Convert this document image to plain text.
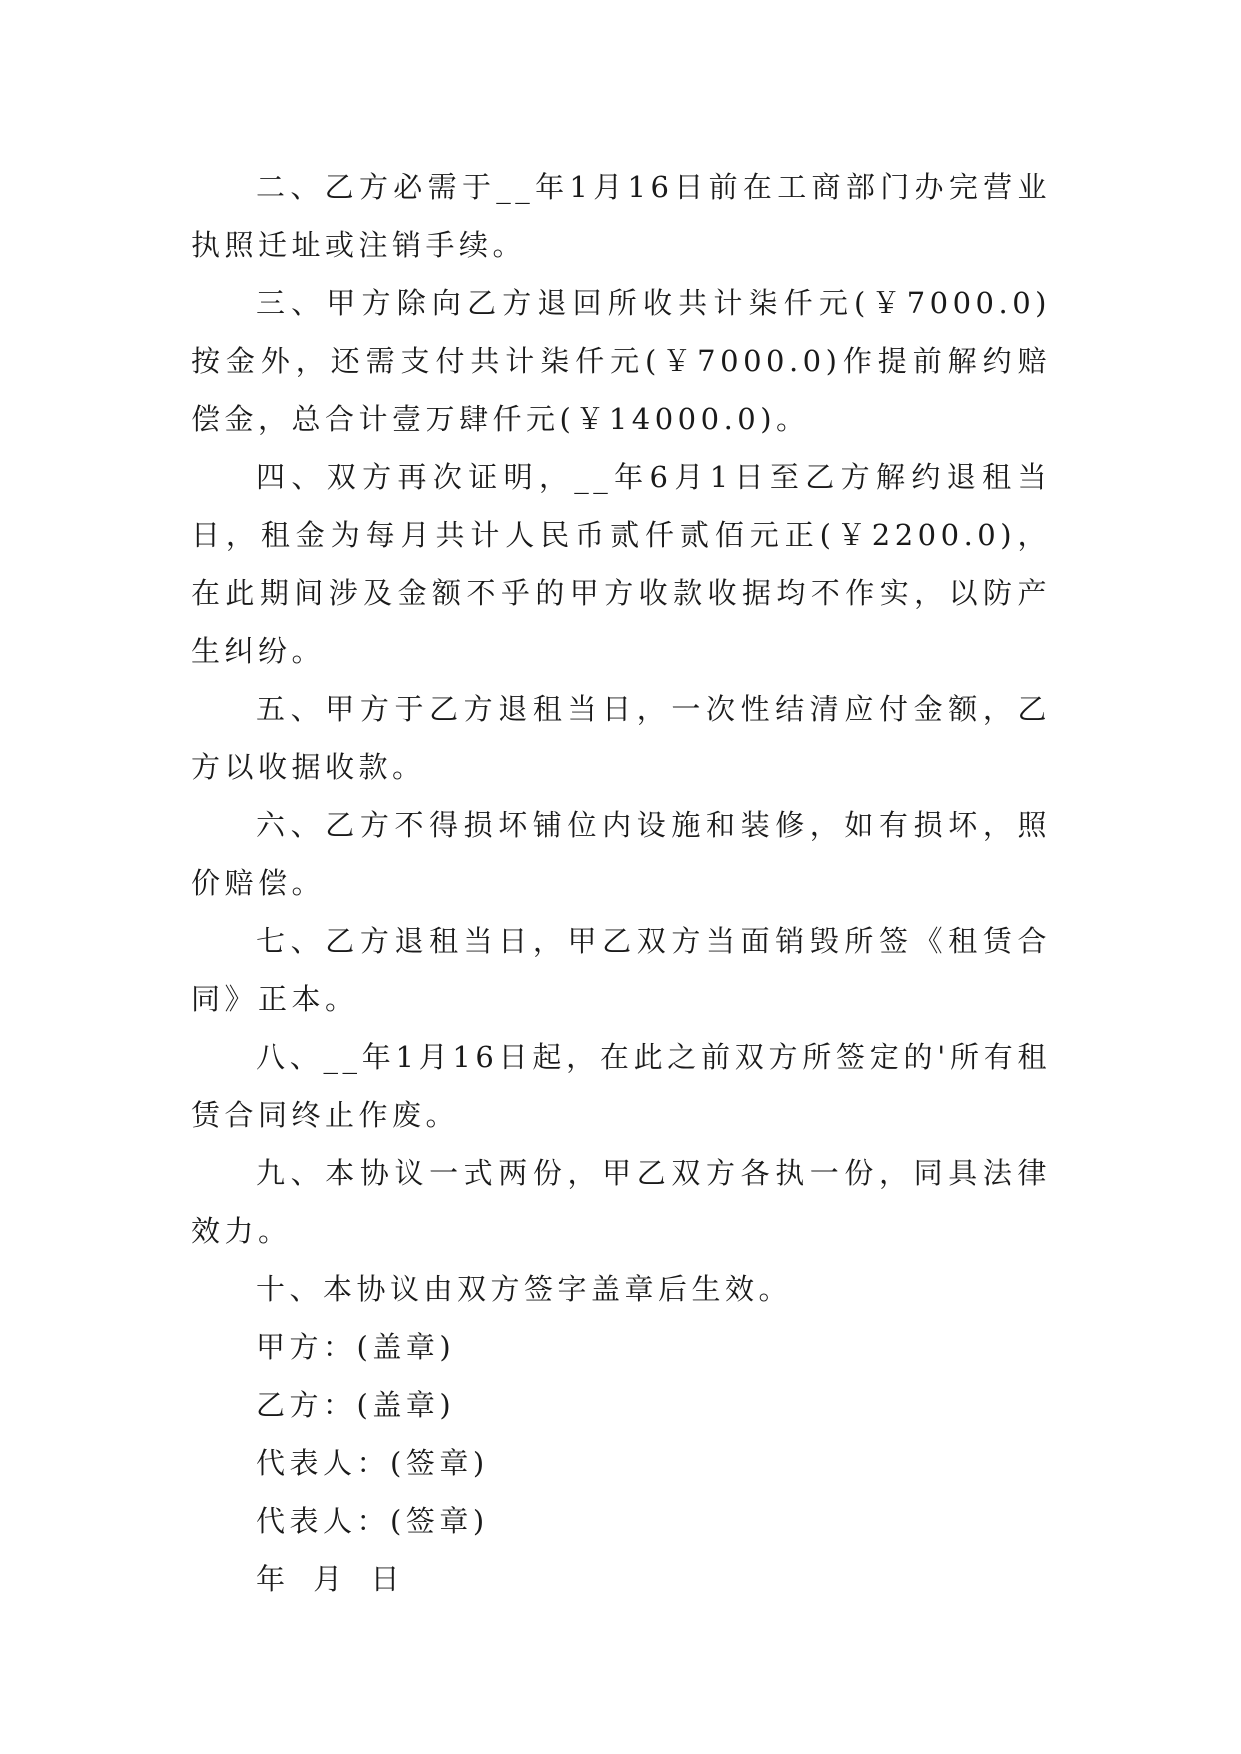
二、乙方必需于__年1月16日前在工商部门办完营业执照迁址或注销手续。

三、甲方除向乙方退回所收共计柒仟元(￥7000.0)按金外，还需支付共计柒仟元(￥7000.0)作提前解约赔偿金，总合计壹万肆仟元(￥14000.0)。

四、双方再次证明，__年6月1日至乙方解约退租当日，租金为每月共计人民币贰仟贰佰元正(￥2200.0)，在此期间涉及金额不乎的甲方收款收据均不作实，以防产生纠纷。

五、甲方于乙方退租当日，一次性结清应付金额，乙方以收据收款。

六、乙方不得损坏铺位内设施和装修，如有损坏，照价赔偿。

七、乙方退租当日，甲乙双方当面销毁所签《租赁合同》正本。

八、__年1月16日起，在此之前双方所签定的'所有租赁合同终止作废。

九、本协议一式两份，甲乙双方各执一份，同具法律效力。

十、本协议由双方签字盖章后生效。

甲方：(盖章)

乙方：(盖章)

代表人：(签章)

代表人：(签章)

年 月 日
